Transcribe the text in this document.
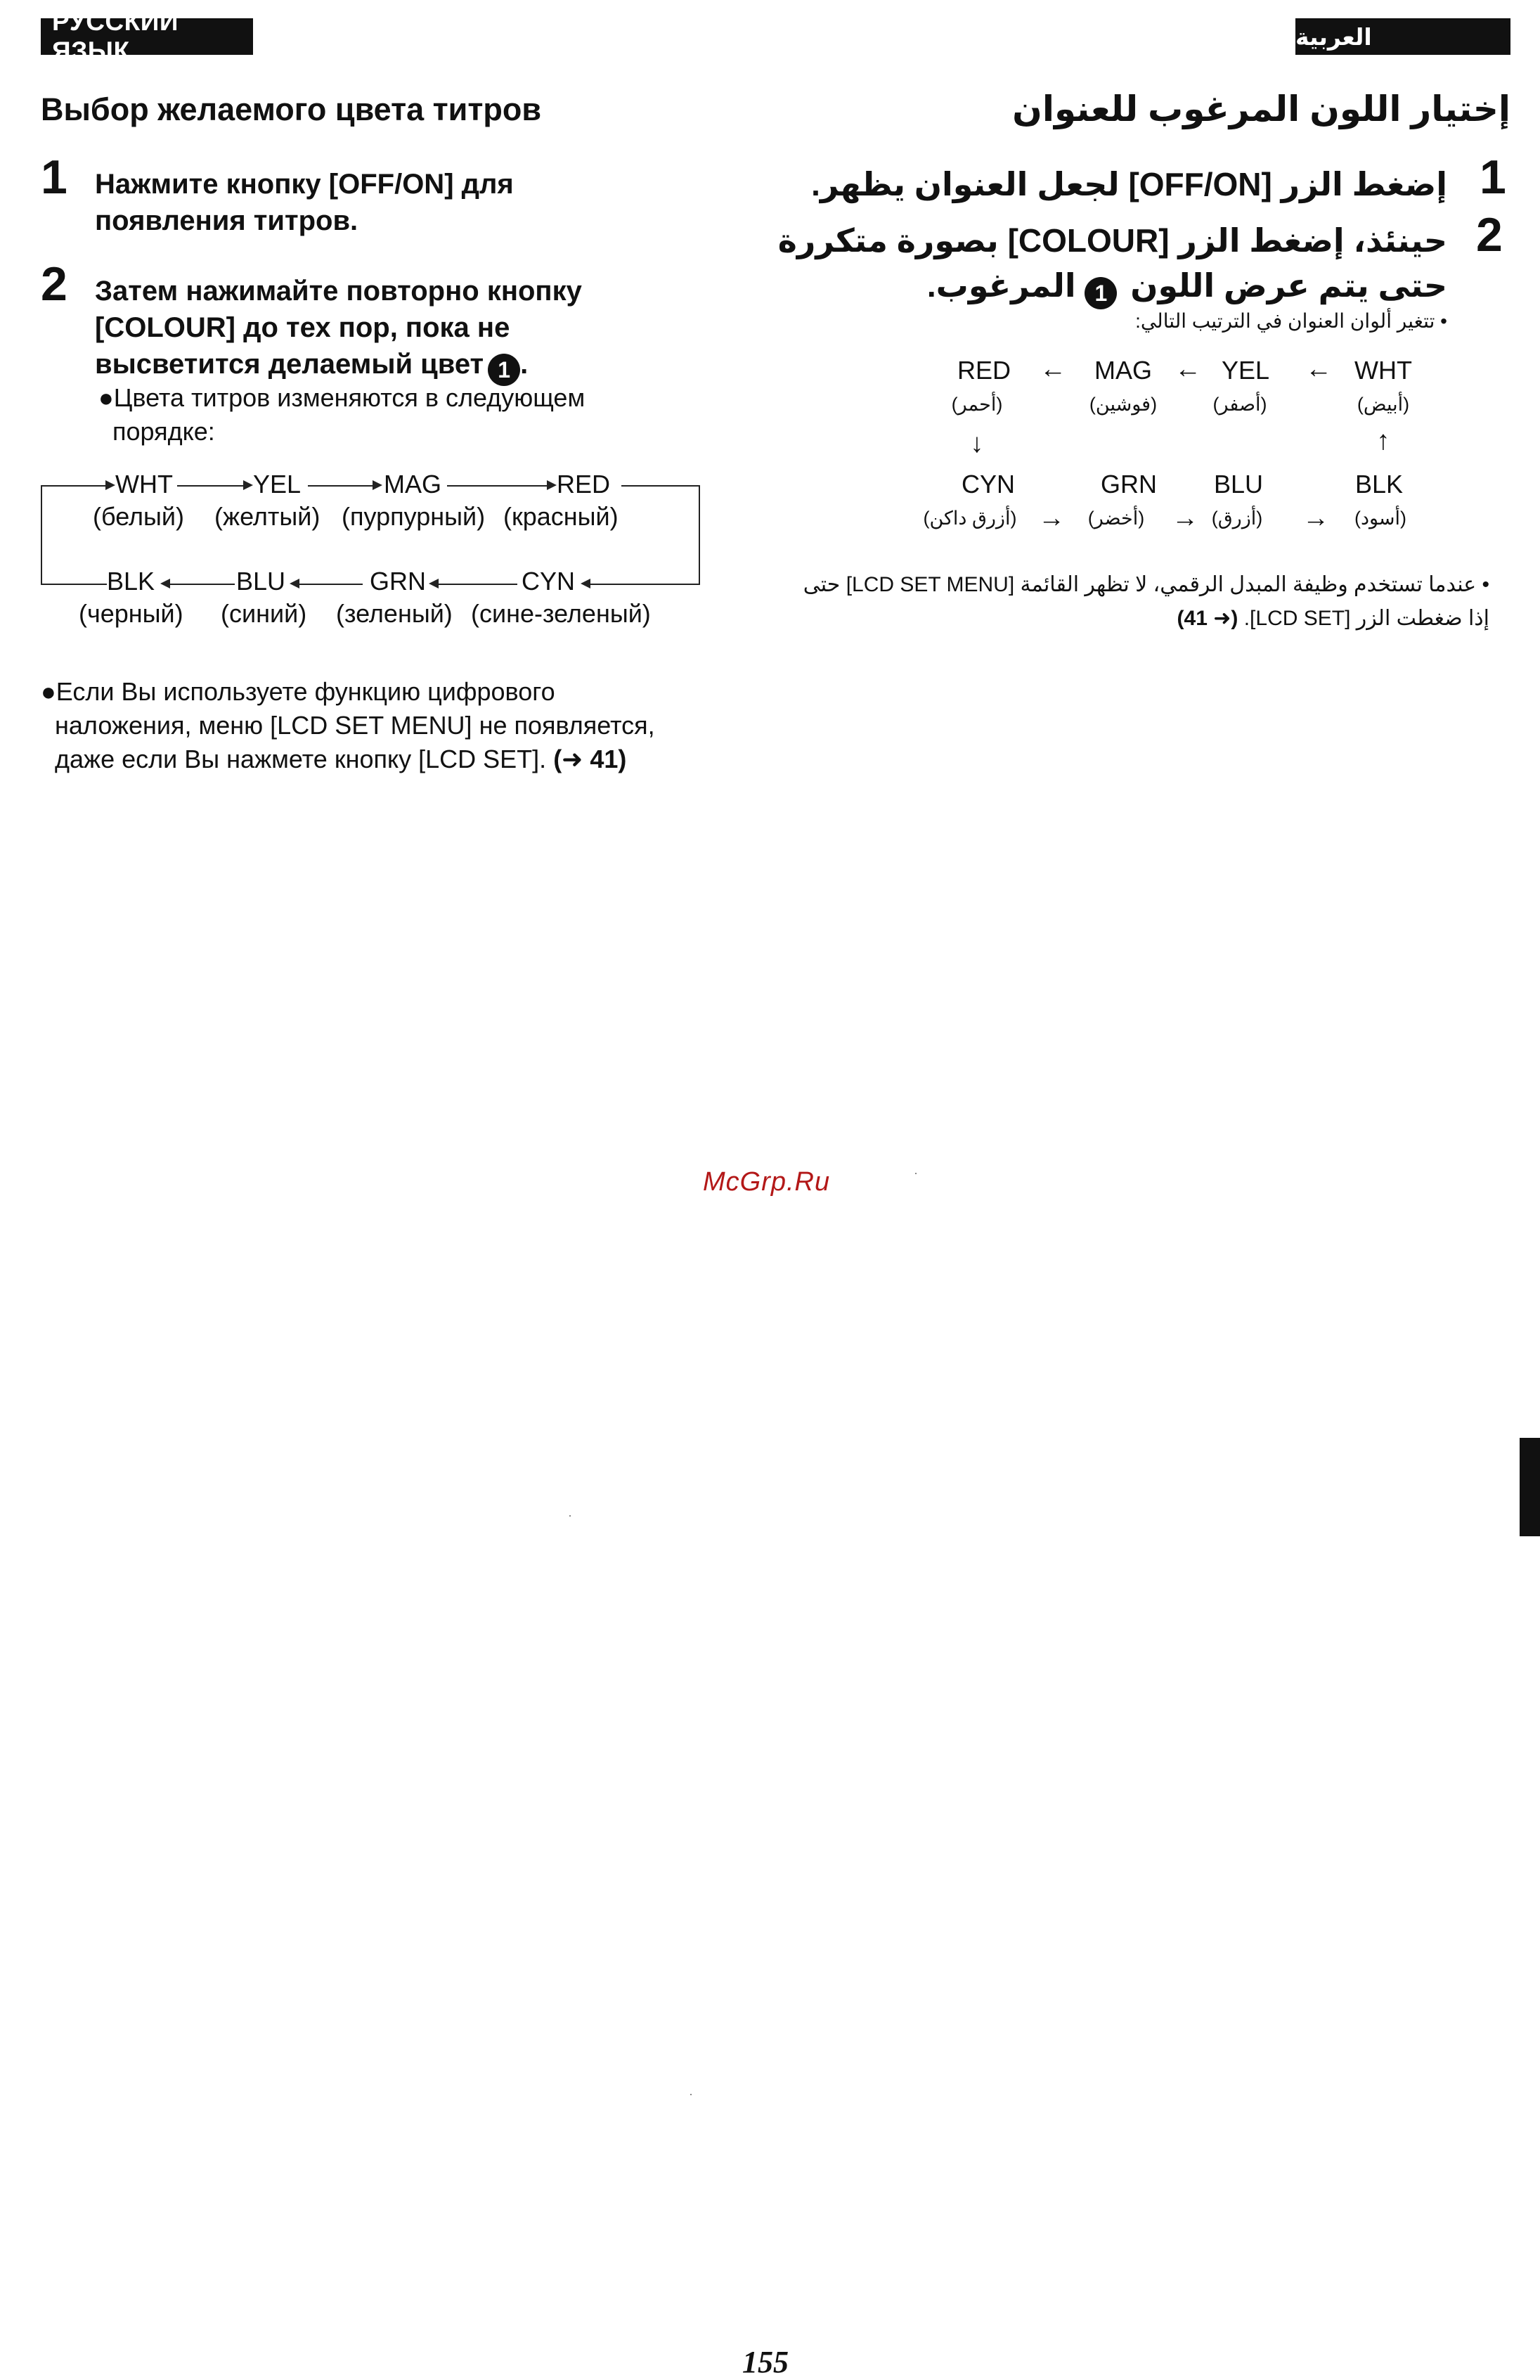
РУССКИЙ ЯЗЫК	العربية
Выбор желаемого цвета титров
1 Нажмите кнопку [OFF/ON] для
появления титров.
2 Затем нажимайте повторно кнопку
[COLOUR] до тех пор, пока не
высветится делаемый цвет 1 .
●Цвета титров изменяются в следующем
порядке:
WHT	YEL	MAG	RED
(белый) (желтый) (пурпурный) (красный)
BLK	BLU	GRN	CYN
(черный) (синий) (зеленый) (сине-зеленый)
●Если Вы используете функцию цифрового
наложения, меню [LCD SET MENU] не появляется,
даже если Вы нажмете кнопку [LCD SET]. (➜ 41)
إختيار اللون المرغوب للعنوان
1
إضغط الزر [OFF/ON] لجعل العنوان يظهر.
2
حينئذ، إضغط الزر [COLOUR] بصورة متكررة
حتى يتم عرض اللون 1 المرغوب.
• تتغير ألوان العنوان في الترتيب التالي:
RED	←	MAG ← YEL	← WHT
(أحمر)	(فوشين)	(أصفر)	(أبيض)
↓	↑
CYN	GRN	BLU	BLK
(أزرق داكن) →	(أخضر)	→ (أزرق)	→	(أسود)
• عندما تستخدم وظيفة المبدل الرقمي، لا تظهر القائمة [LCD SET MENU] حتى
إذا ضغطت الزر [LCD SET]. (➜ 41)
McGrp.Ru
155
